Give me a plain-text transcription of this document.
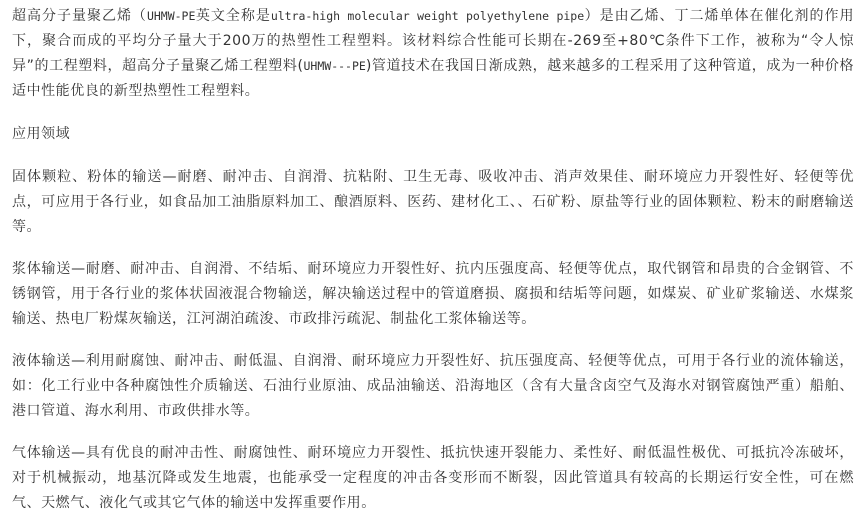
超高分子量聚乙烯（UHMW-PE英文全称是ultra-high molecular weight polyethylene pipe）是由乙烯、丁二烯单体在催化剂的作用下，聚合而成的平均分子量大于200万的热塑性工程塑料。该材料综合性能可长期在-269至+80℃条件下工作，被称为“令人惊异”的工程塑料，超高分子量聚乙烯工程塑料(UHMW---PE)管道技术在我国日渐成熟，越来越多的工程采用了这种管道，成为一种价格适中性能优良的新型热塑性工程塑料。

应用领域

固体颗粒、粉体的输送—耐磨、耐冲击、自润滑、抗粘附、卫生无毒、吸收冲击、消声效果佳、耐环境应力开裂性好、轻便等优点，可应用于各行业，如食品加工油脂原料加工、酿酒原料、医药、建材化工、、石矿粉、原盐等行业的固体颗粒、粉末的耐磨输送等。

浆体输送—耐磨、耐冲击、自润滑、不结垢、耐环境应力开裂性好、抗内压强度高、轻便等优点，取代钢管和昂贵的合金钢管、不锈钢管，用于各行业的浆体状固液混合物输送，解决输送过程中的管道磨损、腐损和结垢等问题，如煤炭、矿业矿浆输送、水煤浆输送、热电厂粉煤灰输送，江河湖泊疏浚、市政排污疏泥、制盐化工浆体输送等。

液体输送—利用耐腐蚀、耐冲击、耐低温、自润滑、耐环境应力开裂性好、抗压强度高、轻便等优点，可用于各行业的流体输送，如：化工行业中各种腐蚀性介质输送、石油行业原油、成品油输送、沿海地区（含有大量含卤空气及海水对钢管腐蚀严重）船舶、港口管道、海水利用、市政供排水等。

气体输送—具有优良的耐冲击性、耐腐蚀性、耐环境应力开裂性、抵抗快速开裂能力、柔性好、耐低温性极优、可抵抗冷冻破坏，对于机械振动，地基沉降或发生地震，也能承受一定程度的冲击各变形而不断裂，因此管道具有较高的长期运行安全性，可在燃气、天燃气、液化气或其它气体的输送中发挥重要作用。
